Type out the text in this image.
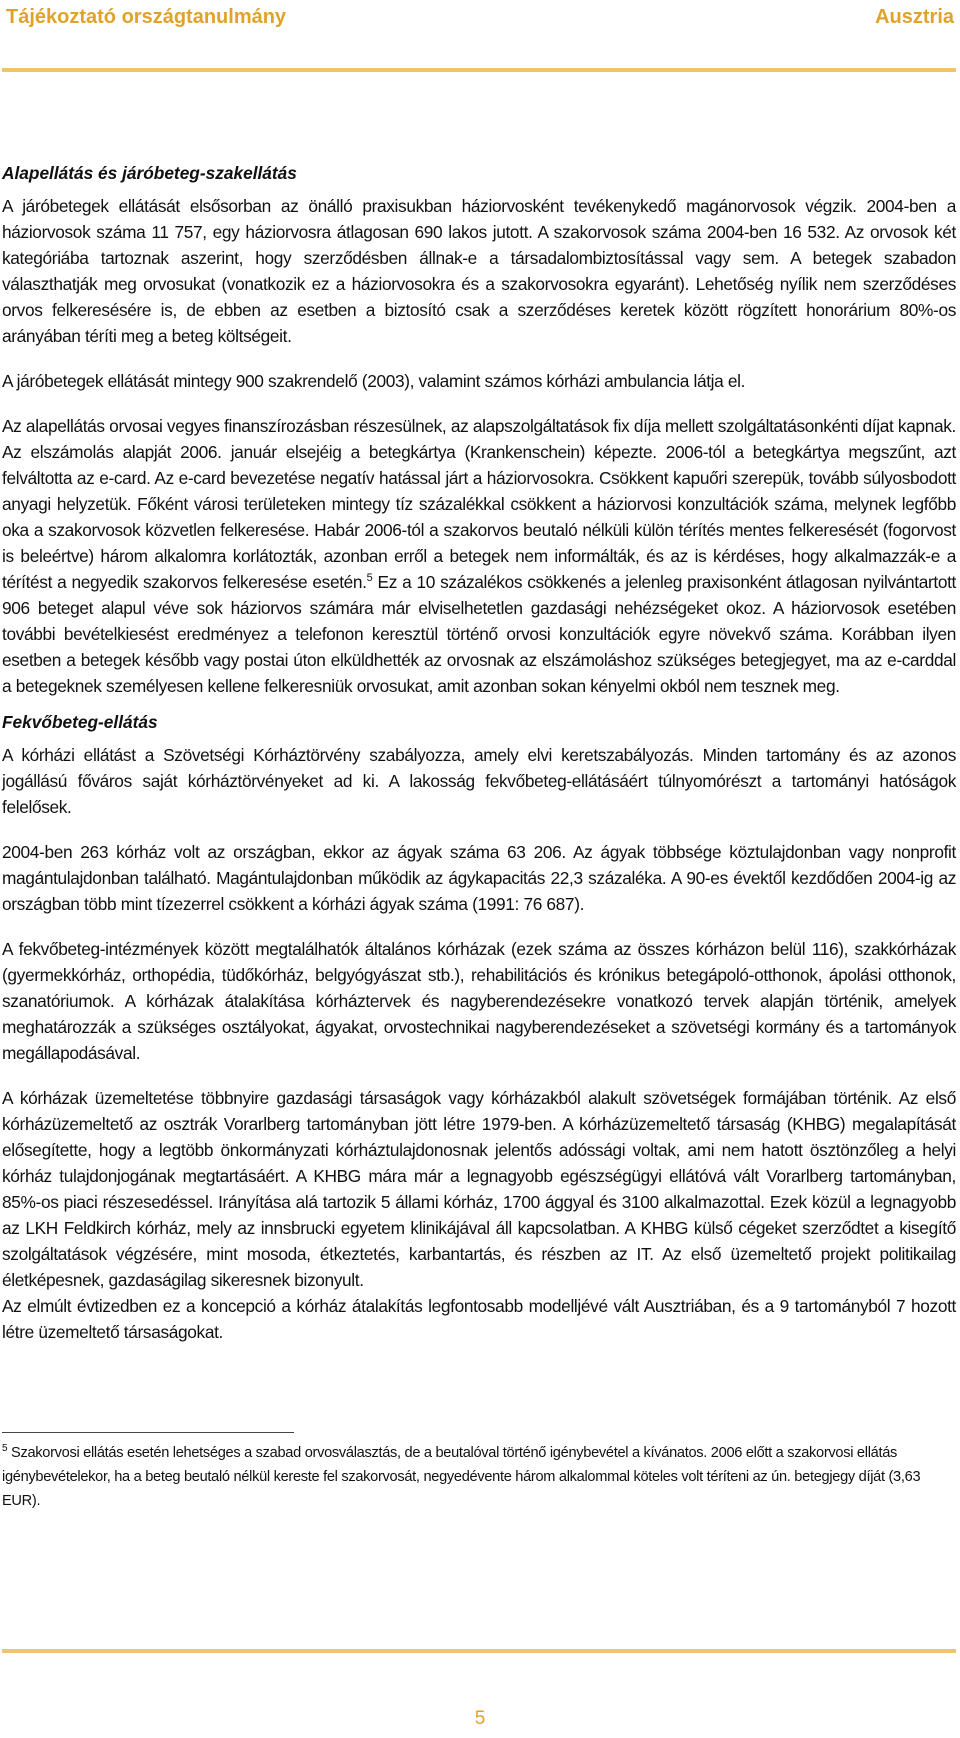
Tájékoztató országtanulmány	Ausztria
Alapellátás és járóbeteg-szakellátás

A járóbetegek ellátását elsősorban az önálló praxisukban háziorvosként tevékenykedő magánorvosok végzik. 2004-ben a háziorvosok száma 11 757, egy háziorvosra átlagosan 690 lakos jutott. A szakorvosok száma 2004-ben 16 532. Az orvosok két kategóriába tartoznak aszerint, hogy szerződésben állnak-e a társadalombiztosítással vagy sem. A betegek szabadon választhatják meg orvosukat (vonatkozik ez a háziorvosokra és a szakorvosokra egyaránt). Lehetőség nyílik nem szerződéses orvos felkeresésére is, de ebben az esetben a biztosító csak a szerződéses keretek között rögzített honorárium 80%-os arányában téríti meg a beteg költségeit.

A járóbetegek ellátását mintegy 900 szakrendelő (2003), valamint számos kórházi ambulancia látja el.

Az alapellátás orvosai vegyes finanszírozásban részesülnek, az alapszolgáltatások fix díja mellett szolgáltatásonkénti díjat kapnak. Az elszámolás alapját 2006. január elsejéig a betegkártya (Krankenschein) képezte. 2006-tól a betegkártya megszűnt, azt felváltotta az e-card. Az e-card bevezetése negatív hatással járt a háziorvosokra. Csökkent kapuőri szerepük, tovább súlyosbodott anyagi helyzetük. Főként városi területeken mintegy tíz százalékkal csökkent a háziorvosi konzultációk száma, melynek legfőbb oka a szakorvosok közvetlen felkeresése. Habár 2006-tól a szakorvos beutaló nélküli külön térítés mentes felkeresését (fogorvost is beleértve) három alkalomra korlátozták, azonban erről a betegek nem informálták, és az is kérdéses, hogy alkalmazzák-e a térítést a negyedik szakorvos felkeresése esetén.$^5$ Ez a 10 százalékos csökkenés a jelenleg praxisonként átlagosan nyilvántartott 906 beteget alapul véve sok háziorvos számára már elviselhetetlen gazdasági nehézségeket okoz. A háziorvosok esetében további bevételkiesést eredményez a telefonon keresztül történő orvosi konzultációk egyre növekvő száma. Korábban ilyen esetben a betegek később vagy postai úton elküldhették az orvosnak az elszámoláshoz szükséges betegjegyet, ma az e-carddal a betegeknek személyesen kellene felkeresniük orvosukat, amit azonban sokan kényelmi okból nem tesznek meg.

Fekvőbeteg-ellátás

A kórházi ellátást a Szövetségi Kórháztörvény szabályozza, amely elvi keretszabályozás. Minden tartomány és az azonos jogállású főváros saját kórháztörvényeket ad ki. A lakosság fekvőbeteg-ellátásáért túlnyomórészt a tartományi hatóságok felelősek.

2004-ben 263 kórház volt az országban, ekkor az ágyak száma 63 206. Az ágyak többsége köztulajdonban vagy nonprofit magántulajdonban található. Magántulajdonban működik az ágykapacitás 22,3 százaléka. A 90-es évektől kezdődően 2004-ig az országban több mint tízezerrel csökkent a kórházi ágyak száma (1991: 76 687).

A fekvőbeteg-intézmények között megtalálhatók általános kórházak (ezek száma az összes kórházon belül 116), szakkórházak (gyermekkórház, orthopédia, tüdőkórház, belgyógyászat stb.), rehabilitációs és krónikus betegápoló-otthonok, ápolási otthonok, szanatóriumok. A kórházak átalakítása kórháztervek és nagyberendezésekre vonatkozó tervek alapján történik, amelyek meghatározzák a szükséges osztályokat, ágyakat, orvostechnikai nagyberendezéseket a szövetségi kormány és a tartományok megállapodásával.

A kórházak üzemeltetése többnyire gazdasági társaságok vagy kórházakból alakult szövetségek formájában történik. Az első kórházüzemeltető az osztrák Vorarlberg tartományban jött létre 1979-ben. A kórházüzemeltető társaság (KHBG) megalapítását elősegítette, hogy a legtöbb önkormányzati kórháztulajdonosnak jelentős adóssági voltak, ami nem hatott ösztönzőleg a helyi kórház tulajdonjogának megtartásáért. A KHBG mára már a legnagyobb egészségügyi ellátóvá vált Vorarlberg tartományban, 85%-os piaci részesedéssel. Irányítása alá tartozik 5 állami kórház, 1700 ággyal és 3100 alkalmazottal. Ezek közül a legnagyobb az LKH Feldkirch kórház, mely az innsbrucki egyetem klinikájával áll kapcsolatban. A KHBG külső cégeket szerződtet a kisegítő szolgáltatások végzésére, mint mosoda, étkeztetés, karbantartás, és részben az IT. Az első üzemeltető projekt politikailag életképesnek, gazdaságilag sikeresnek bizonyult.

Az elmúlt évtizedben ez a koncepció a kórház átalakítás legfontosabb modelljévé vált Ausztriában, és a 9 tartományból 7 hozott létre üzemeltető társaságokat.

$^5$ Szakorvosi ellátás esetén lehetséges a szabad orvosválasztás, de a beutalóval történő igénybevétel a kívánatos. 2006 előtt a szakorvosi ellátás igénybevételekor, ha a beteg beutaló nélkül kereste fel szakorvosát, negyedévente három alkalommal köteles volt téríteni az ún. betegjegy díját (3,63 EUR).
5
